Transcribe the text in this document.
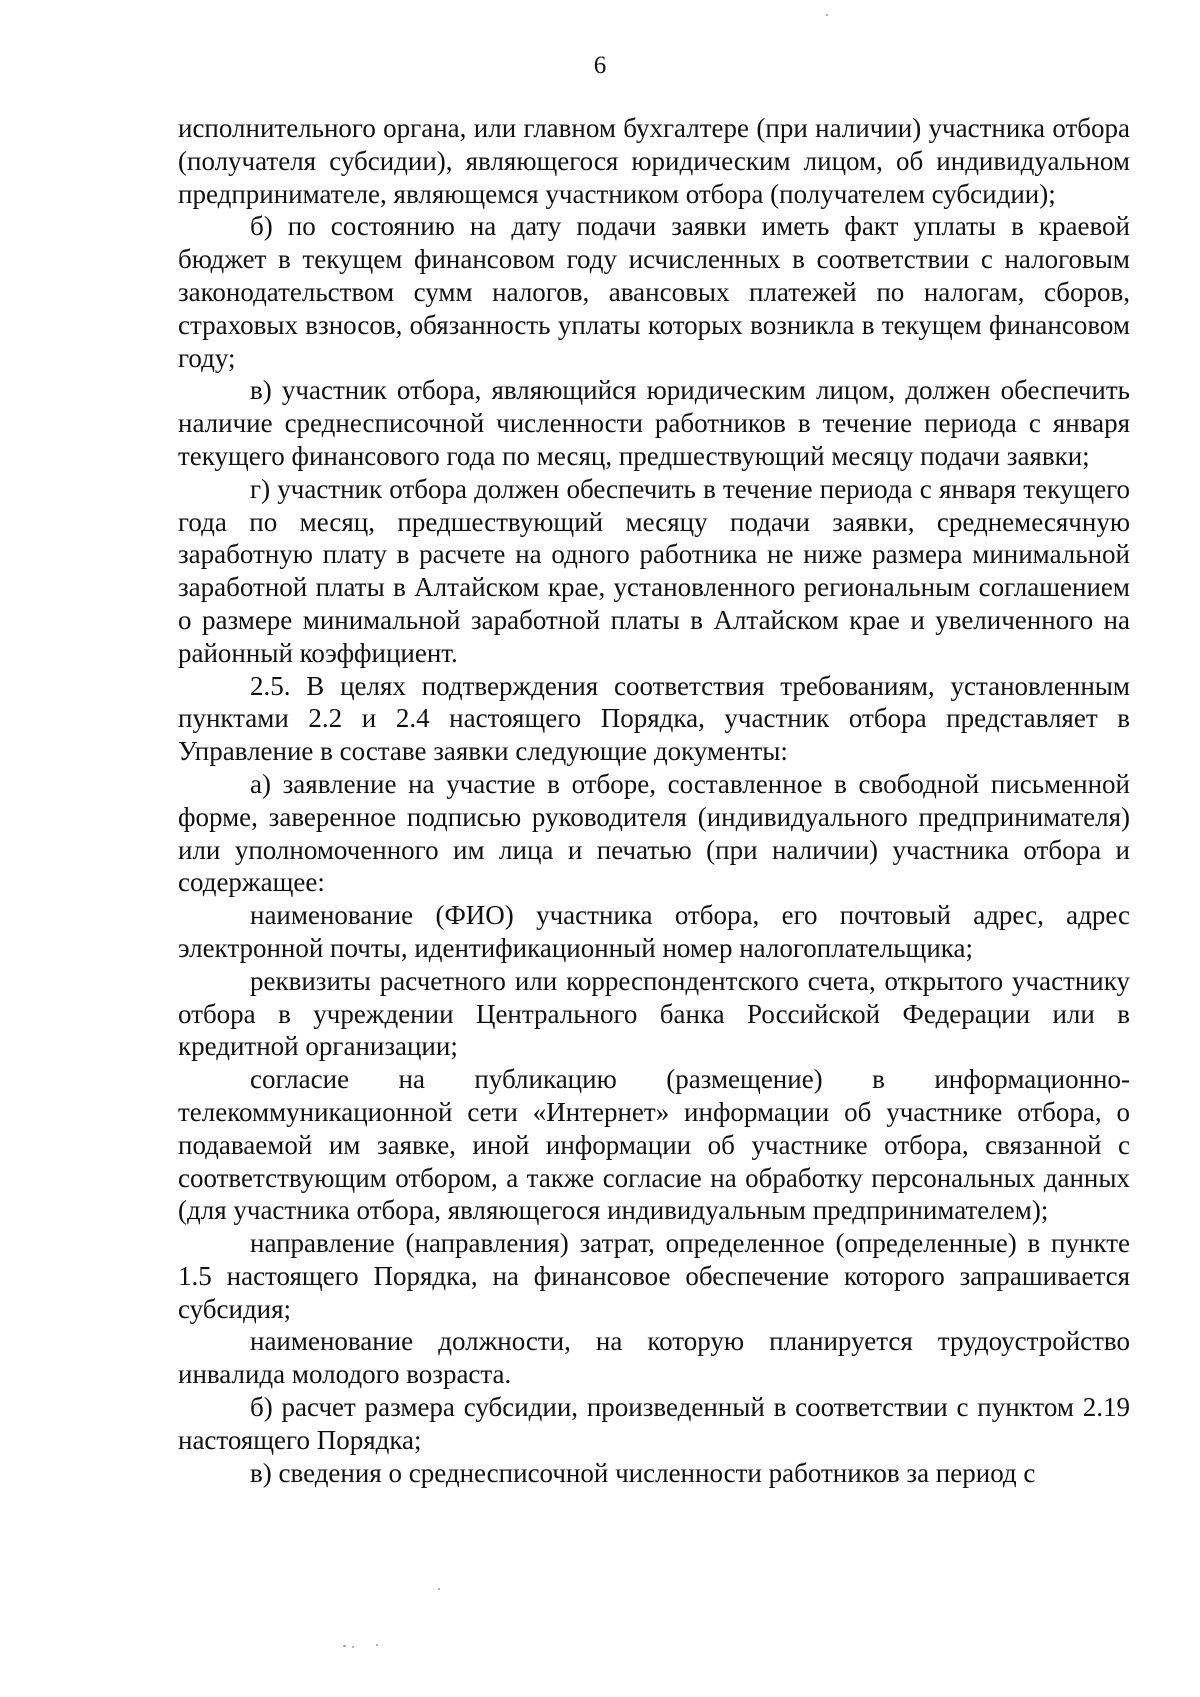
6

исполнительного органа, или главном бухгалтере (при наличии) участника отбора (получателя субсидии), являющегося юридическим лицом, об индивидуальном предпринимателе, являющемся участником отбора (получателем субсидии);

б) по состоянию на дату подачи заявки иметь факт уплаты в краевой бюджет в текущем финансовом году исчисленных в соответствии с налоговым законодательством сумм налогов, авансовых платежей по налогам, сборов, страховых взносов, обязанность уплаты которых возникла в текущем финансовом году;

в) участник отбора, являющийся юридическим лицом, должен обеспечить наличие среднесписочной численности работников в течение периода с января текущего финансового года по месяц, предшествующий месяцу подачи заявки;

г) участник отбора должен обеспечить в течение периода с января текущего года по месяц, предшествующий месяцу подачи заявки, среднемесячную заработную плату в расчете на одного работника не ниже размера минимальной заработной платы в Алтайском крае, установленного региональным соглашением о размере минимальной заработной платы в Алтайском крае и увеличенного на районный коэффициент.

2.5. В целях подтверждения соответствия требованиям, установленным пунктами 2.2 и 2.4 настоящего Порядка, участник отбора представляет в Управление в составе заявки следующие документы:

а) заявление на участие в отборе, составленное в свободной письменной форме, заверенное подписью руководителя (индивидуального предпринимателя) или уполномоченного им лица и печатью (при наличии) участника отбора и содержащее:

наименование (ФИО) участника отбора, его почтовый адрес, адрес электронной почты, идентификационный номер налогоплательщика;

реквизиты расчетного или корреспондентского счета, открытого участнику отбора в учреждении Центрального банка Российской Федерации или в кредитной организации;

согласие на публикацию (размещение) в информационно-телекоммуникационной сети «Интернет» информации об участнике отбора, о подаваемой им заявке, иной информации об участнике отбора, связанной с соответствующим отбором, а также согласие на обработку персональных данных (для участника отбора, являющегося индивидуальным предпринимателем);

направление (направления) затрат, определенное (определенные) в пункте 1.5 настоящего Порядка, на финансовое обеспечение которого запрашивается субсидия;

наименование должности, на которую планируется трудоустройство инвалида молодого возраста.

б) расчет размера субсидии, произведенный в соответствии с пунктом 2.19 настоящего Порядка;

в) сведения о среднесписочной численности работников за период с
